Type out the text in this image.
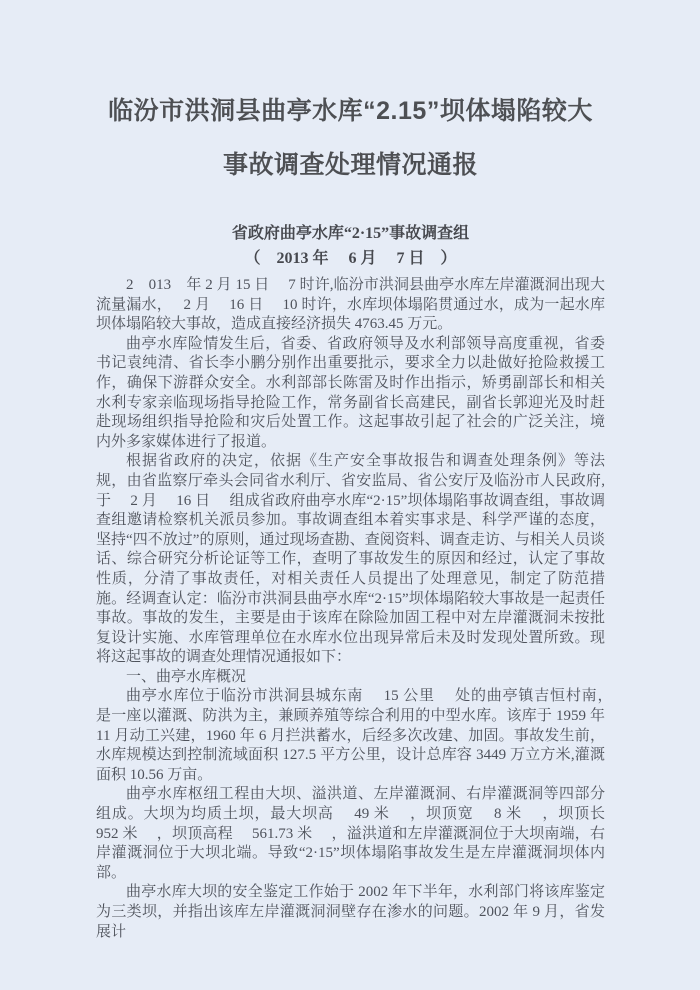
临汾市洪洞县曲亭水库“2.15”坝体塌陷较大
事故调查处理情况通报
省政府曲亭水库“2·15”事故调查组
（　2013 年　 6 月　 7 日　）

2　013　年 2 月 15 日　 7 时许,临汾市洪洞县曲亭水库左岸灌溉洞出现大流量漏水，　 2 月　 16 日　 10 时许，水库坝体塌陷贯通过水，成为一起水库坝体塌陷较大事故，造成直接经济损失 4763.45 万元。

曲亭水库险情发生后，省委、省政府领导及水利部领导高度重视，省委书记袁纯清、省长李小鹏分别作出重要批示，要求全力以赴做好抢险救援工作，确保下游群众安全。水利部部长陈雷及时作出指示，矫勇副部长和相关水利专家亲临现场指导抢险工作，常务副省长高建民，副省长郭迎光及时赶赴现场组织指导抢险和灾后处置工作。这起事故引起了社会的广泛关注，境内外多家媒体进行了报道。

根据省政府的决定，依据《生产安全事故报告和调查处理条例》等法规，由省监察厅牵头会同省水利厅、省安监局、省公安厅及临汾市人民政府,于　 2 月　 16 日　 组成省政府曲亭水库“2·15”坝体塌陷事故调查组，事故调查组邀请检察机关派员参加。事故调查组本着实事求是、科学严谨的态度，坚持“四不放过”的原则，通过现场查勘、查阅资料、调查走访、与相关人员谈话、综合研究分析论证等工作，查明了事故发生的原因和经过，认定了事故性质，分清了事故责任，对相关责任人员提出了处理意见，制定了防范措施。经调查认定：临汾市洪洞县曲亭水库“2·15”坝体塌陷较大事故是一起责任事故。事故的发生，主要是由于该库在除险加固工程中对左岸灌溉洞未按批复设计实施、水库管理单位在水库水位出现异常后未及时发现处置所致。现将这起事故的调查处理情况通报如下：

一、曲亭水库概况

曲亭水库位于临汾市洪洞县城东南　 15 公里　 处的曲亭镇吉恒村南，　 是一座以灌溉、防洪为主，兼顾养殖等综合利用的中型水库。该库于 1959 年 11 月动工兴建，1960 年 6 月拦洪蓄水，后经多次改建、加固。事故发生前，水库规模达到控制流域面积 127.5 平方公里，设计总库容 3449 万立方米,灌溉面积 10.56 万亩。

曲亭水库枢纽工程由大坝、溢洪道、左岸灌溉洞、右岸灌溉洞等四部分组成。大坝为均质土坝，最大坝高　 49 米　 ，坝顶宽　 8 米　 ，坝顶长　 952 米　 ，坝顶高程　 561.73 米　 ，溢洪道和左岸灌溉洞位于大坝南端，右岸灌溉洞位于大坝北端。导致“2·15”坝体塌陷事故发生是左岸灌溉洞坝体内部。

曲亭水库大坝的安全鉴定工作始于 2002 年下半年，水利部门将该库鉴定为三类坝，并指出该库左岸灌溉洞洞壁存在渗水的问题。2002 年 9 月，省发展计
